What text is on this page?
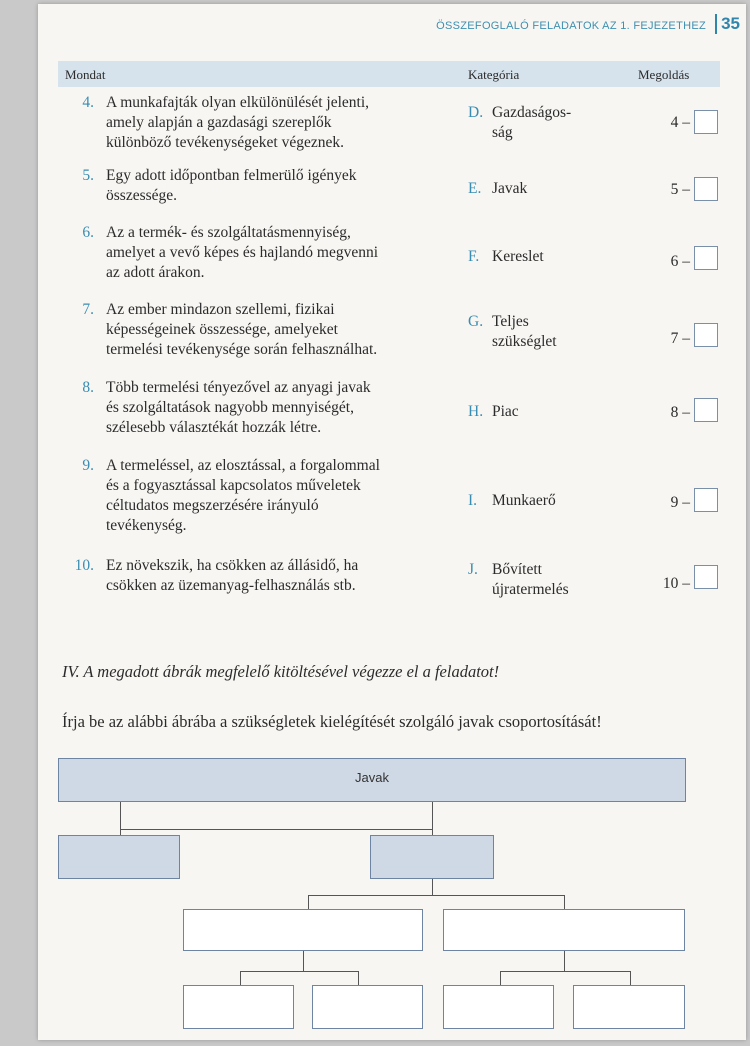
ÖSSZEFOGLALÓ FELADATOK AZ 1. FEJEZETHEZ 35
Mondat	Kategória	Megoldás
4. A munkafajták olyan elkülönülését jelenti,
amely alapján a gazdasági szereplők
különböző tevékenységeket végeznek.
D. Gazdaságos-
ság
4 –
5. Egy adott időpontban felmerülő igények
összessége.	E. Javak	5 –
6. Az a termék- és szolgáltatásmennyiség,
amelyet a vevő képes és hajlandó megvenni
az adott árakon.
F. Kereslet	6 –
7. Az ember mindazon szellemi, fizikai
képességeinek összessége, amelyeket
termelési tevékenysége során felhasználhat.
G. Teljes
szükséglet	7 –
8. Több termelési tényezővel az anyagi javak
és szolgáltatások nagyobb mennyiségét,
szélesebb választékát hozzák létre.
H. Piac	8 –
9. A termeléssel, az elosztással, a forgalommal
és a fogyasztással kapcsolatos műveletek
céltudatos megszerzésére irányuló
tevékenység.
I. Munkaerő	9 –
10. Ez növekszik, ha csökken az állásidő, ha
csökken az üzemanyag-felhasználás stb.
J. Bővített
újratermelés	10 –
IV. A megadott ábrák megfelelő kitöltésével végezze el a feladatot!
Írja be az alábbi ábrába a szükségletek kielégítését szolgáló javak csoportosítását!
Javak
